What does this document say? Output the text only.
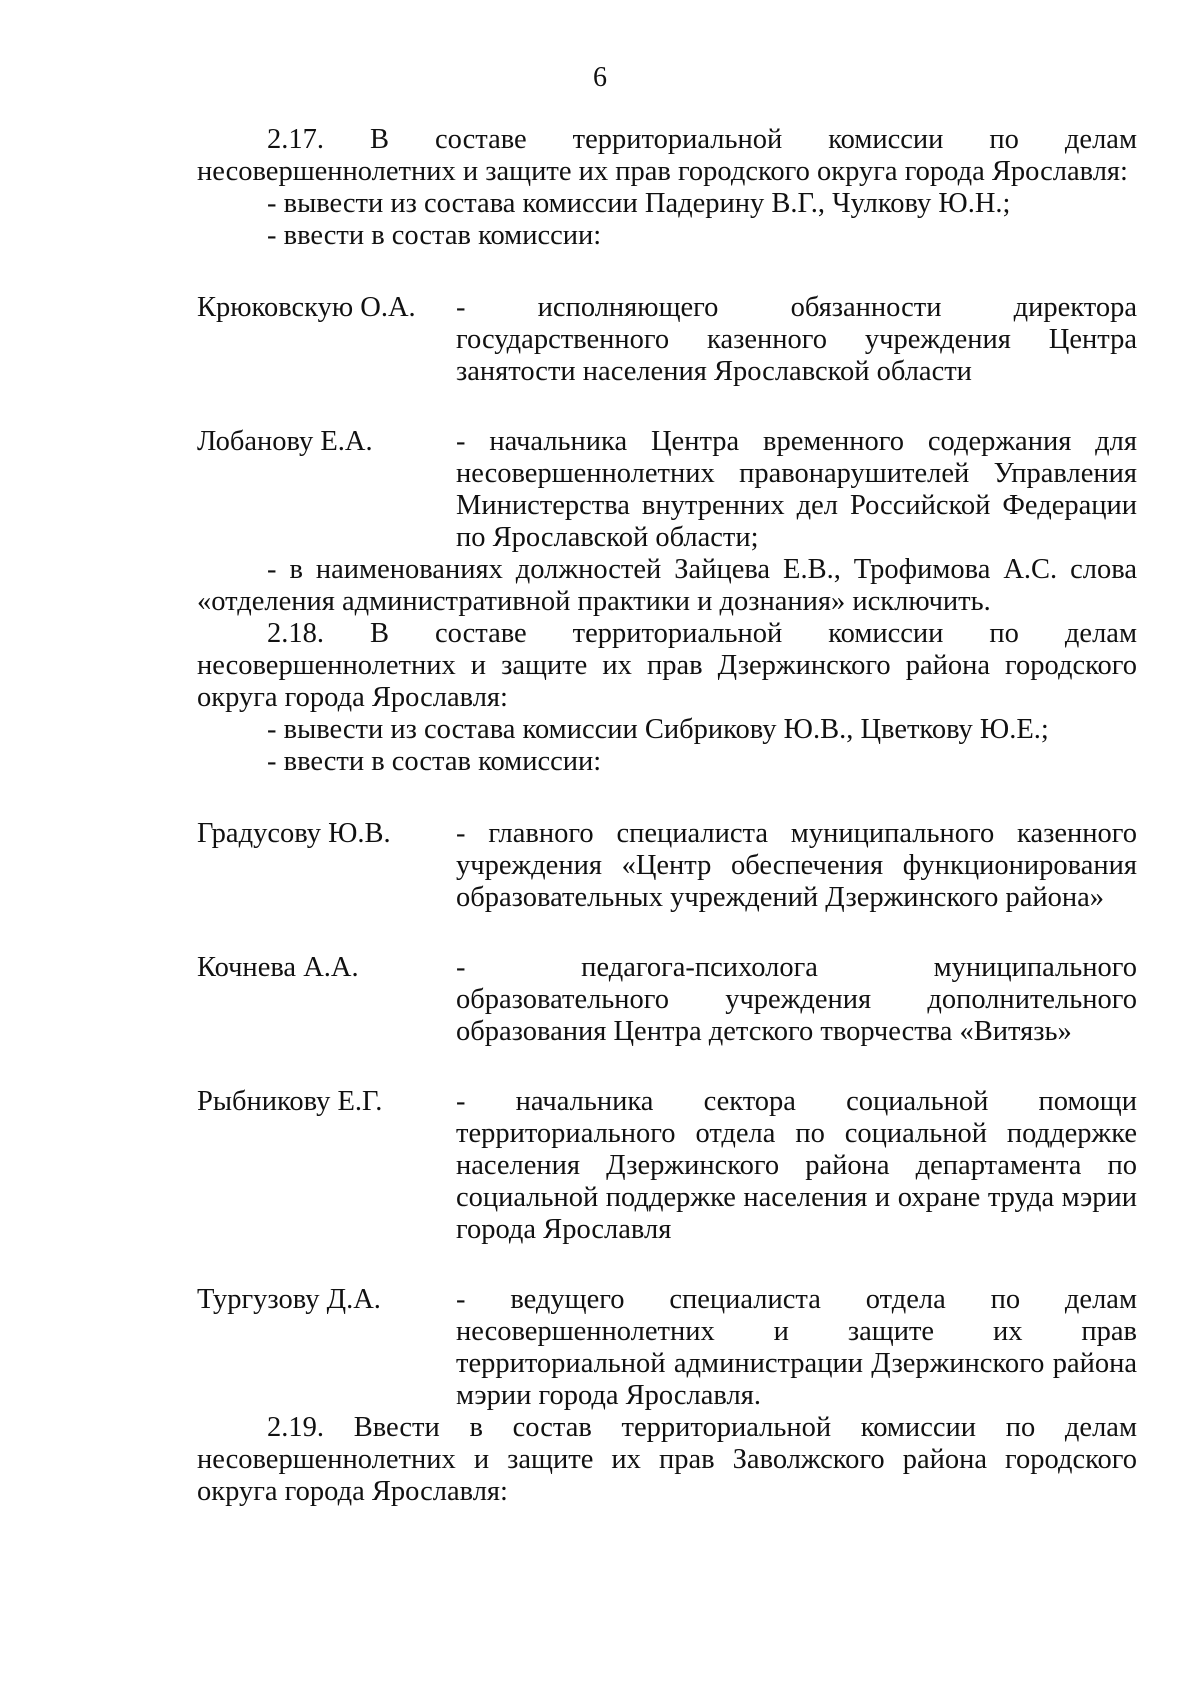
6

2.17. В составе территориальной комиссии по делам несовершеннолетних и защите их прав городского округа города Ярославля:

- вывести из состава комиссии Падерину В.Г., Чулкову Ю.Н.;

- ввести в состав комиссии:

Крюковскую О.А.	- исполняющего обязанности директора государственного казенного учреждения Центра занятости населения Ярославской области
Лобанову Е.А.	- начальника Центра временного содержания для несовершеннолетних правонарушителей Управления Министерства внутренних дел Российской Федерации по Ярославской области;

- в наименованиях должностей Зайцева Е.В., Трофимова А.С. слова «отделения административной практики и дознания» исключить.

2.18. В составе территориальной комиссии по делам несовершеннолетних и защите их прав Дзержинского района городского округа города Ярославля:

- вывести из состава комиссии Сибрикову Ю.В., Цветкову Ю.Е.;

- ввести в состав комиссии:

Градусову Ю.В.	- главного специалиста муниципального казенного учреждения «Центр обеспечения функционирования образовательных учреждений Дзержинского района»
Кочнева А.А.	- педагога-психолога муниципального образовательного учреждения дополнительного образования Центра детского творчества «Витязь»
Рыбникову Е.Г.	- начальника сектора социальной помощи территориального отдела по социальной поддержке населения Дзержинского района департамента по социальной поддержке населения и охране труда мэрии города Ярославля
Тургузову Д.А.	- ведущего специалиста отдела по делам несовершеннолетних и защите их прав территориальной администрации Дзержинского района мэрии города Ярославля.

2.19. Ввести в состав территориальной комиссии по делам несовершеннолетних и защите их прав Заволжского района городского округа города Ярославля:
